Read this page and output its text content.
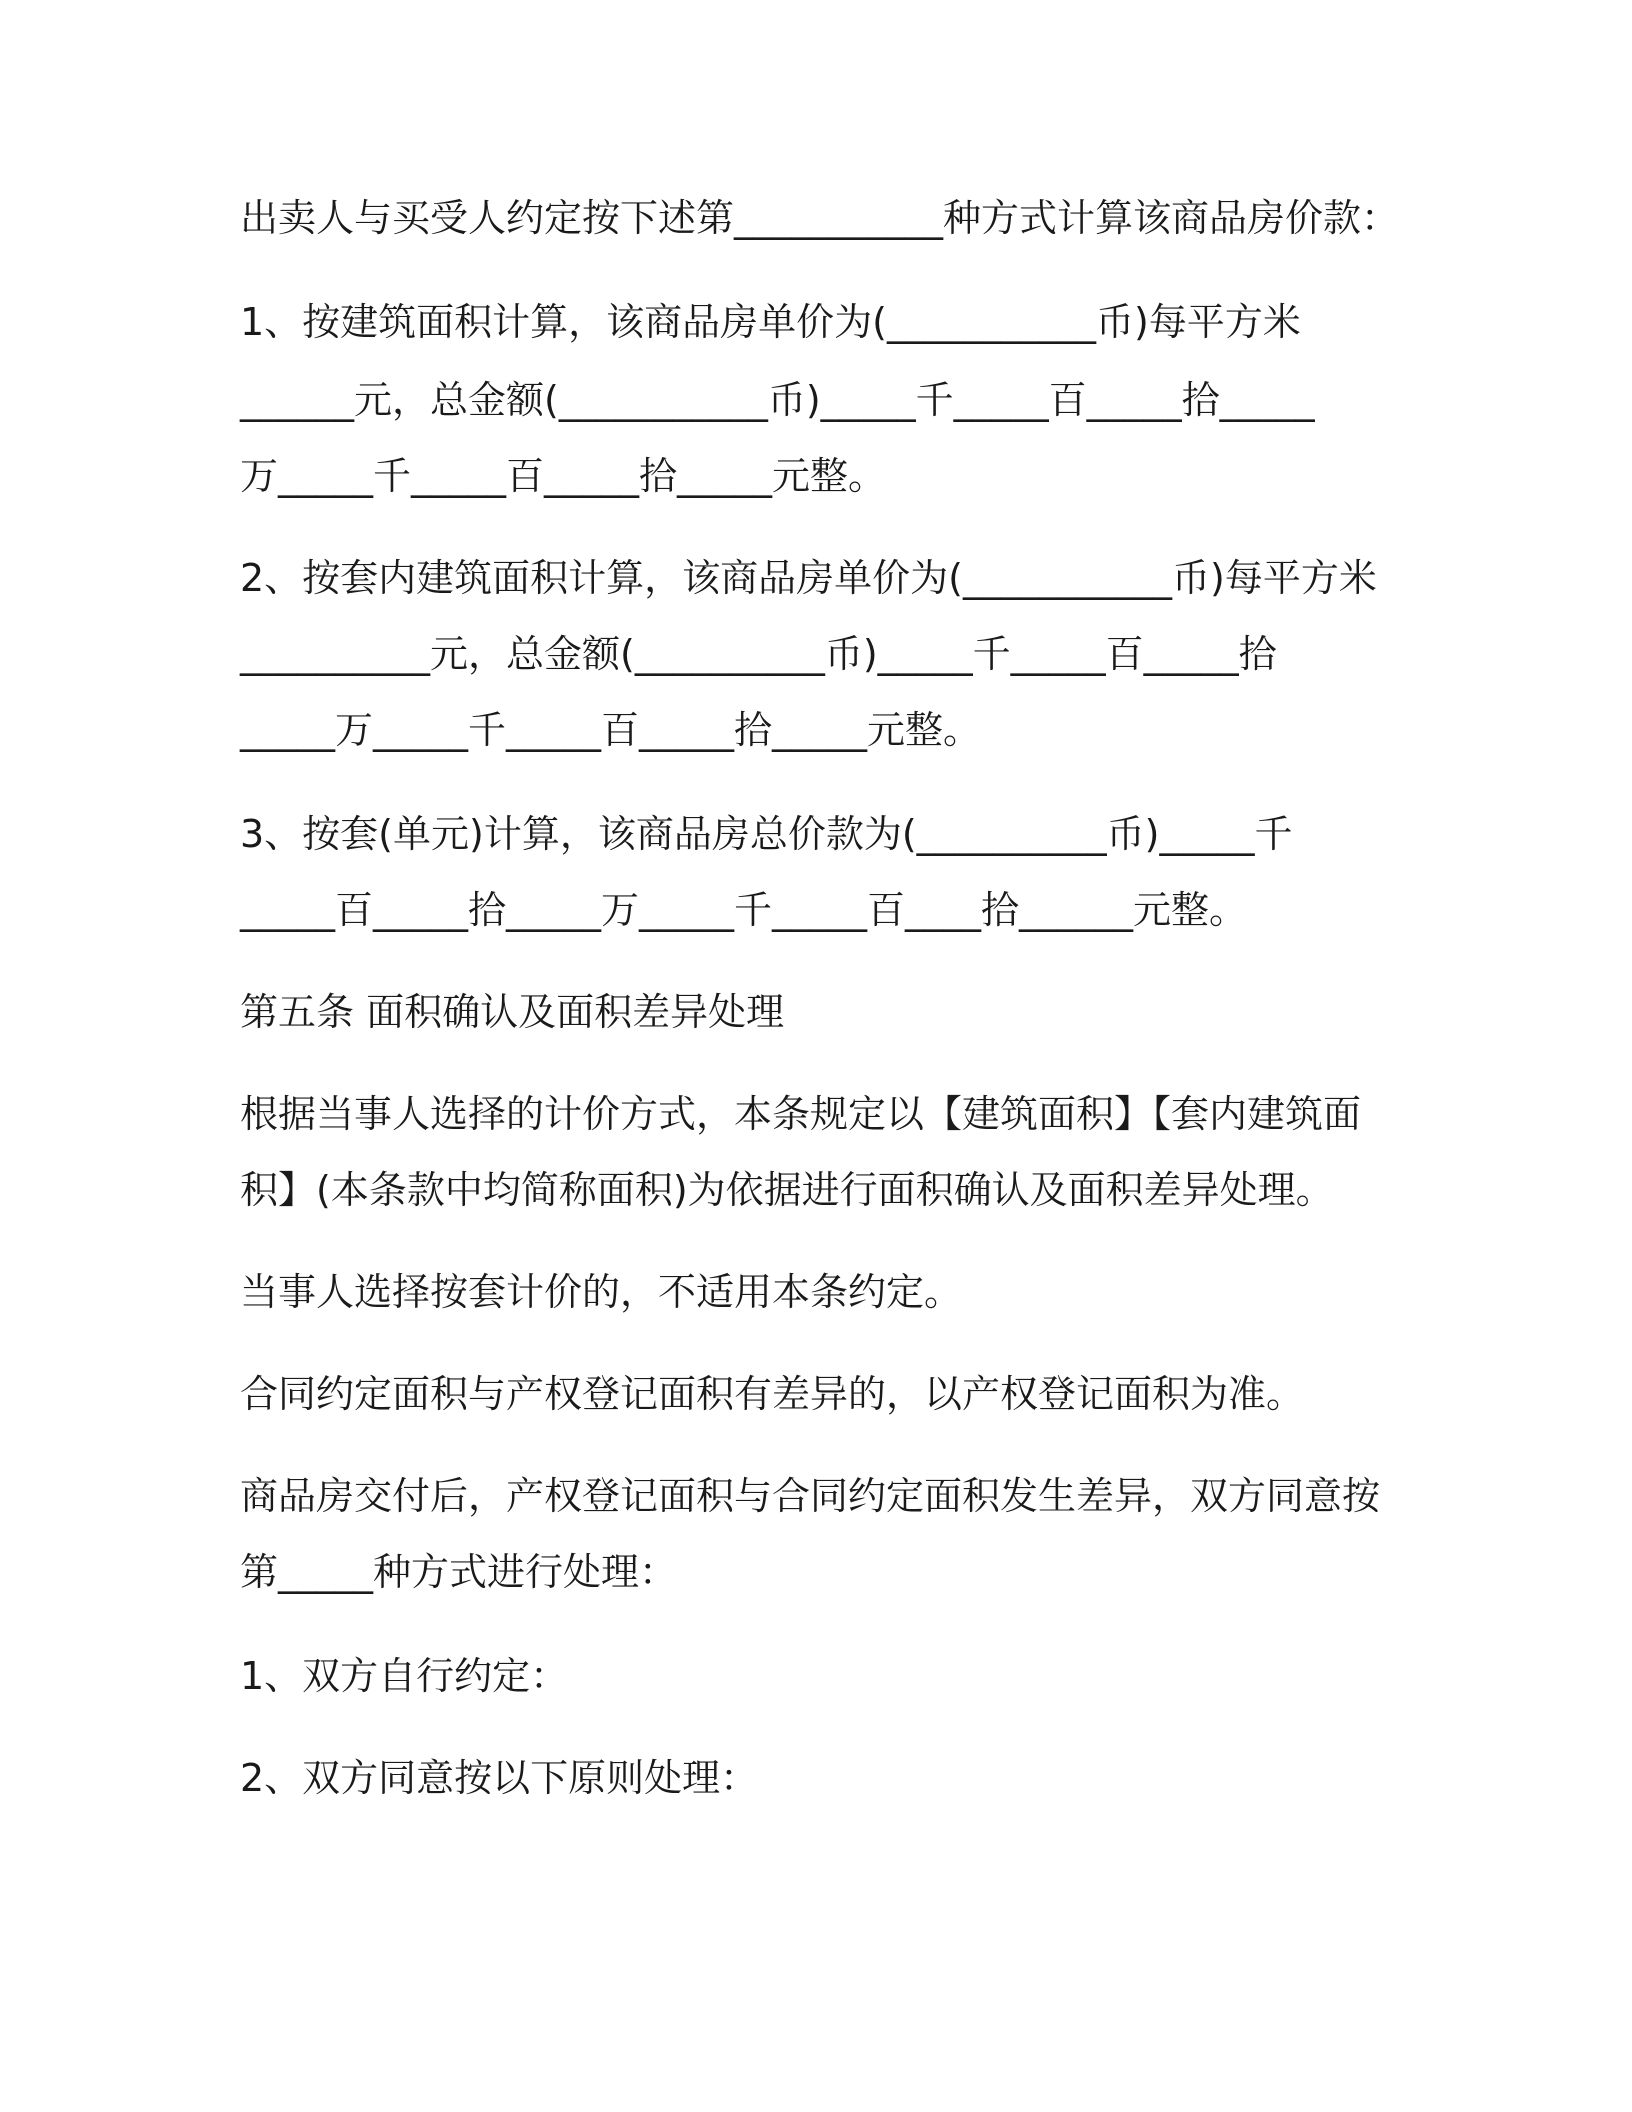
出卖人与买受人约定按下述第___________种方式计算该商品房价款：
1、按建筑面积计算，该商品房单价为(___________币)每平方米
______元，总金额(___________币)_____千_____百_____拾_____
万_____千_____百_____拾_____元整。
2、按套内建筑面积计算，该商品房单价为(___________币)每平方米
__________元，总金额(__________币)_____千_____百_____拾
_____万_____千_____百_____拾_____元整。
3、按套(单元)计算，该商品房总价款为(__________币)_____千
_____百_____拾_____万_____千_____百____拾______元整。
第五条 面积确认及面积差异处理
根据当事人选择的计价方式，本条规定以【建筑面积】【套内建筑面
积】(本条款中均简称面积)为依据进行面积确认及面积差异处理。
当事人选择按套计价的，不适用本条约定。
合同约定面积与产权登记面积有差异的，以产权登记面积为准。
商品房交付后，产权登记面积与合同约定面积发生差异，双方同意按
第_____种方式进行处理：
1、双方自行约定：
2、双方同意按以下原则处理：
